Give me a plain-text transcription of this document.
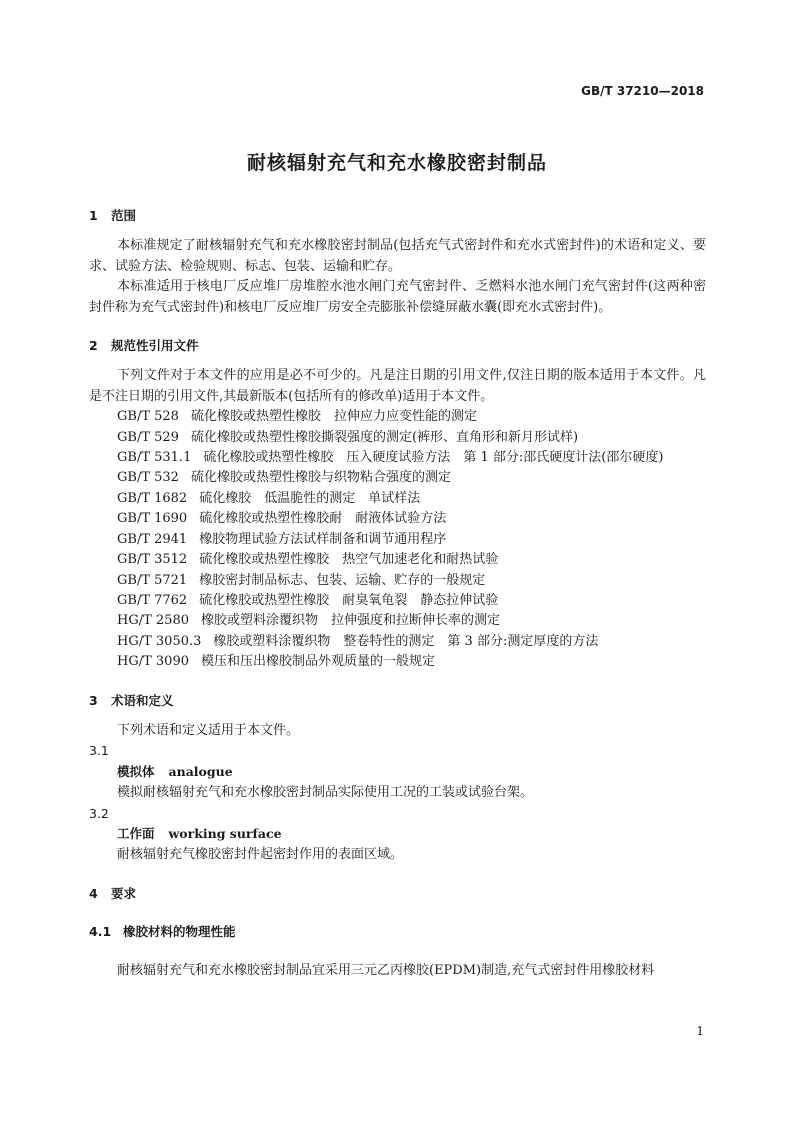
GB/T 37210—2018
耐核辐射充气和充水橡胶密封制品
1 范围

本标准规定了耐核辐射充气和充水橡胶密封制品(包括充气式密封件和充水式密封件)的术语和定义、要求、试验方法、检验规则、标志、包装、运输和贮存。

本标准适用于核电厂反应堆厂房堆腔水池水闸门充气密封件、乏燃料水池水闸门充气密封件(这两种密封件称为充气式密封件)和核电厂反应堆厂房安全壳膨胀补偿缝屏蔽水囊(即充水式密封件)。

2 规范性引用文件

下列文件对于本文件的应用是必不可少的。凡是注日期的引用文件,仅注日期的版本适用于本文件。凡是不注日期的引用文件,其最新版本(包括所有的修改单)适用于本文件。

GB/T 528 硫化橡胶或热塑性橡胶　拉伸应力应变性能的测定
GB/T 529 硫化橡胶或热塑性橡胶撕裂强度的测定(裤形、直角形和新月形试样)
GB/T 531.1 硫化橡胶或热塑性橡胶　压入硬度试验方法　第 1 部分:邵氏硬度计法(邵尔硬度)
GB/T 532 硫化橡胶或热塑性橡胶与织物粘合强度的测定
GB/T 1682 硫化橡胶　低温脆性的测定　单试样法
GB/T 1690 硫化橡胶或热塑性橡胶耐　耐液体试验方法
GB/T 2941 橡胶物理试验方法试样制备和调节通用程序
GB/T 3512 硫化橡胶或热塑性橡胶　热空气加速老化和耐热试验
GB/T 5721 橡胶密封制品标志、包装、运输、贮存的一般规定
GB/T 7762 硫化橡胶或热塑性橡胶　耐臭氧龟裂　静态拉伸试验
HG/T 2580 橡胶或塑料涂覆织物　拉伸强度和拉断伸长率的测定
HG/T 3050.3 橡胶或塑料涂覆织物　整卷特性的测定　第 3 部分:测定厚度的方法
HG/T 3090 模压和压出橡胶制品外观质量的一般规定
3 术语和定义

下列术语和定义适用于本文件。

3.1
模拟体 analogue

模拟耐核辐射充气和充水橡胶密封制品实际使用工况的工装或试验台架。

3.2
工作面 working surface

耐核辐射充气橡胶密封件起密封作用的表面区域。

4 要求
4.1 橡胶材料的物理性能

耐核辐射充气和充水橡胶密封制品宜采用三元乙丙橡胶(EPDM)制造,充气式密封件用橡胶材料

1
